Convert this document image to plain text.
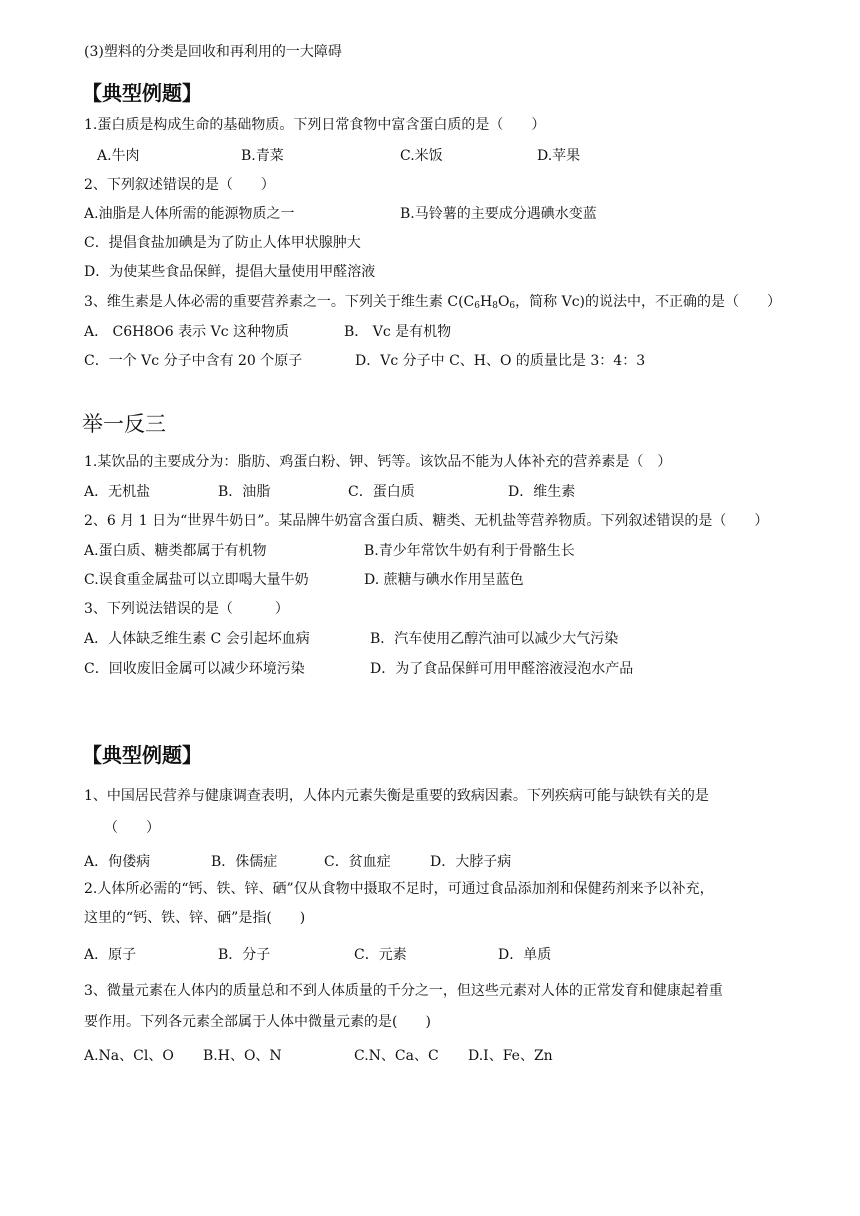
(3)塑料的分类是回收和再利用的一大障碍
【典型例题】
1.蛋白质是构成生命的基础物质。下列日常食物中富含蛋白质的是（　　）
A.牛肉	B.青菜	C.米饭	D.苹果
2、下列叙述错误的是（　　）
A.油脂是人体所需的能源物质之一	B.马铃薯的主要成分遇碘水变蓝
C．提倡食盐加碘是为了防止人体甲状腺肿大
D．为使某些食品保鲜，提倡大量使用甲醛溶液
3、维生素是人体必需的重要营养素之一。下列关于维生素 $C(C_6H_8O_6$，简称 Vc)的说法中，不正确的是（　　）
A． C6H8O6 表示 Vc 这种物质	B． Vc 是有机物
C．一个 Vc 分子中含有 20 个原子	D．Vc 分子中 C、H、O 的质量比是 3：4：3
举一反三
1.某饮品的主要成分为：脂肪、鸡蛋白粉、钾、钙等。该饮品不能为人体补充的营养素是（　）
A．无机盐	B．油脂	C．蛋白质	D．维生素
2、6 月 1 日为“世界牛奶日”。某品牌牛奶富含蛋白质、糖类、无机盐等营养物质。下列叙述错误的是（　　）
A.蛋白质、糖类都属于有机物	B.青少年常饮牛奶有利于骨骼生长
C.误食重金属盐可以立即喝大量牛奶	D. 蔗糖与碘水作用呈蓝色
3、下列说法错误的是（　　　）
A．人体缺乏维生素 C 会引起坏血病	B．汽车使用乙醇汽油可以减少大气污染
C．回收废旧金属可以减少环境污染	D．为了食品保鲜可用甲醛溶液浸泡水产品
【典型例题】
1、中国居民营养与健康调查表明，人体内元素失衡是重要的致病因素。下列疾病可能与缺铁有关的是
（　　）
A．佝偻病	B．侏儒症	C．贫血症	D．大脖子病
2.人体所必需的“钙、铁、锌、硒”仅从食物中摄取不足时，可通过食品添加剂和保健药剂来予以补充，
这里的“钙、铁、锌、硒”是指(　　)
A．原子	B．分子	C．元素	D．单质
3、微量元素在人体内的质量总和不到人体质量的千分之一，但这些元素对人体的正常发育和健康起着重
要作用。下列各元素全部属于人体中微量元素的是(　　)
A.Na、Cl、O B.H、O、N	C.N、Ca、C D.I、Fe、Zn
